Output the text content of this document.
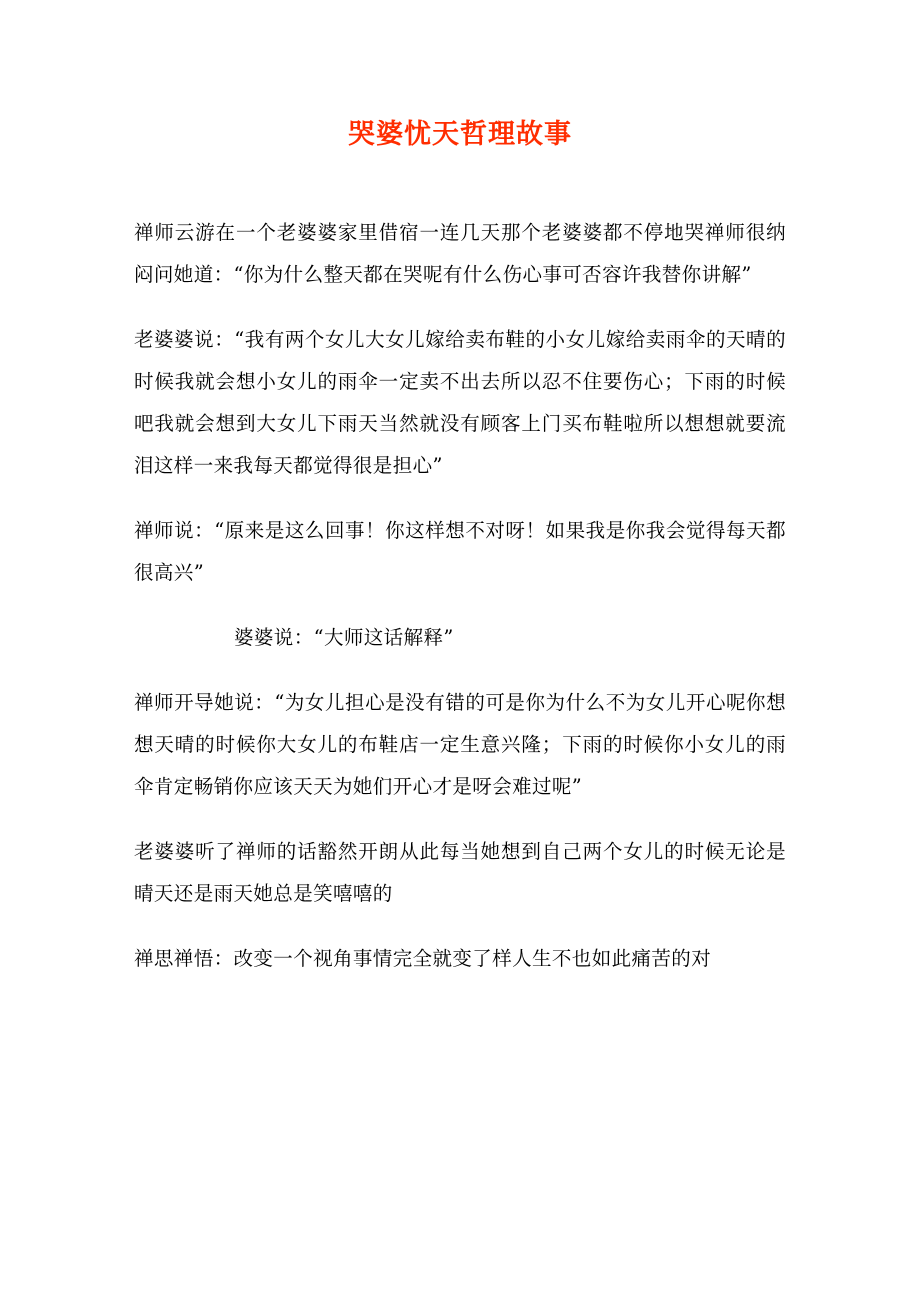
哭婆忧天哲理故事

禅师云游在一个老婆婆家里借宿一连几天那个老婆婆都不停地哭禅师很纳闷问她道：“你为什么整天都在哭呢有什么伤心事可否容许我替你讲解”

老婆婆说：“我有两个女儿大女儿嫁给卖布鞋的小女儿嫁给卖雨伞的天晴的时候我就会想小女儿的雨伞一定卖不出去所以忍不住要伤心；下雨的时候吧我就会想到大女儿下雨天当然就没有顾客上门买布鞋啦所以想想就要流泪这样一来我每天都觉得很是担心”

禅师说：“原来是这么回事！你这样想不对呀！如果我是你我会觉得每天都很高兴”

婆婆说：“大师这话解释”

禅师开导她说：“为女儿担心是没有错的可是你为什么不为女儿开心呢你想想天晴的时候你大女儿的布鞋店一定生意兴隆；下雨的时候你小女儿的雨伞肯定畅销你应该天天为她们开心才是呀会难过呢”

老婆婆听了禅师的话豁然开朗从此每当她想到自己两个女儿的时候无论是晴天还是雨天她总是笑嘻嘻的

禅思禅悟：改变一个视角事情完全就变了样人生不也如此痛苦的对
